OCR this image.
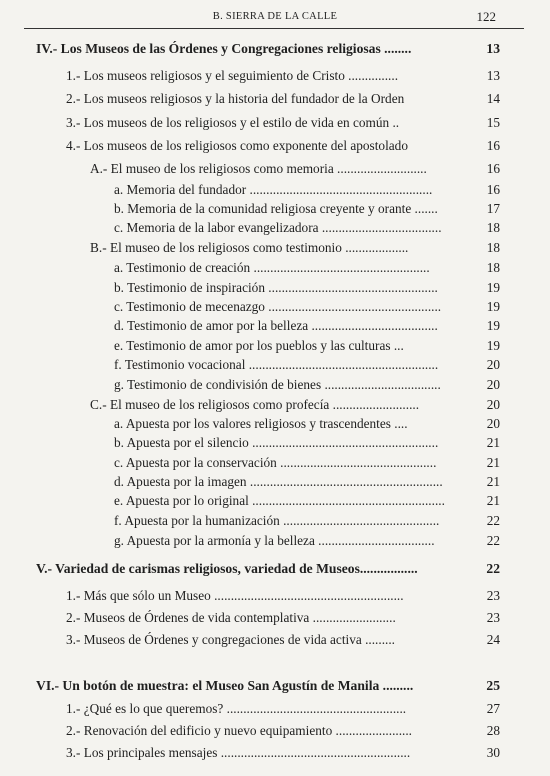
B. SIERRA DE LA CALLE	122
IV.- Los Museos de las Órdenes y Congregaciones religiosas ........	13
1.- Los museos religiosos y el seguimiento de Cristo ...............	13
2.- Los museos religiosos y la historia del fundador de la Orden	14
3.- Los museos de los religiosos y el estilo de vida en común ..	15
4.- Los museos de los religiosos como exponente del apostolado	16
A.- El museo de los religiosos como memoria ...........................	16
a. Memoria del fundador .......................................................	16
b. Memoria de la comunidad religiosa creyente y orante .......	17
c. Memoria de la labor evangelizadora ....................................	18
B.- El museo de los religiosos como testimonio ...................	18
a. Testimonio de creación .....................................................	18
b. Testimonio de inspiración ...................................................	19
c. Testimonio de mecenazgo ....................................................	19
d. Testimonio de amor por la belleza ......................................	19
e. Testimonio de amor por los pueblos y las culturas ...	19
f. Testimonio vocacional .........................................................	20
g. Testimonio de condivisión de bienes ...................................	20
C.- El museo de los religiosos como profecía ..........................	20
a. Apuesta por los valores religiosos y trascendentes ....	20
b. Apuesta por el silencio ........................................................	21
c. Apuesta por la conservación ...............................................	21
d. Apuesta por la imagen ..........................................................	21
e. Apuesta por lo original ..........................................................	21
f. Apuesta por la humanización ...............................................	22
g. Apuesta por la armonía y la belleza ...................................	22
V.- Variedad de carismas religiosos, variedad de Museos.................	22
1.- Más que sólo un Museo .........................................................	23
2.- Museos de Órdenes de vida contemplativa .........................	23
3.- Museos de Órdenes y congregaciones de vida activa .........	24
VI.- Un botón de muestra: el Museo San Agustín de Manila .........	25
1.- ¿Qué es lo que queremos? ......................................................	27
2.- Renovación del edificio y nuevo equipamiento .......................	28
3.- Los principales mensajes .........................................................	30
